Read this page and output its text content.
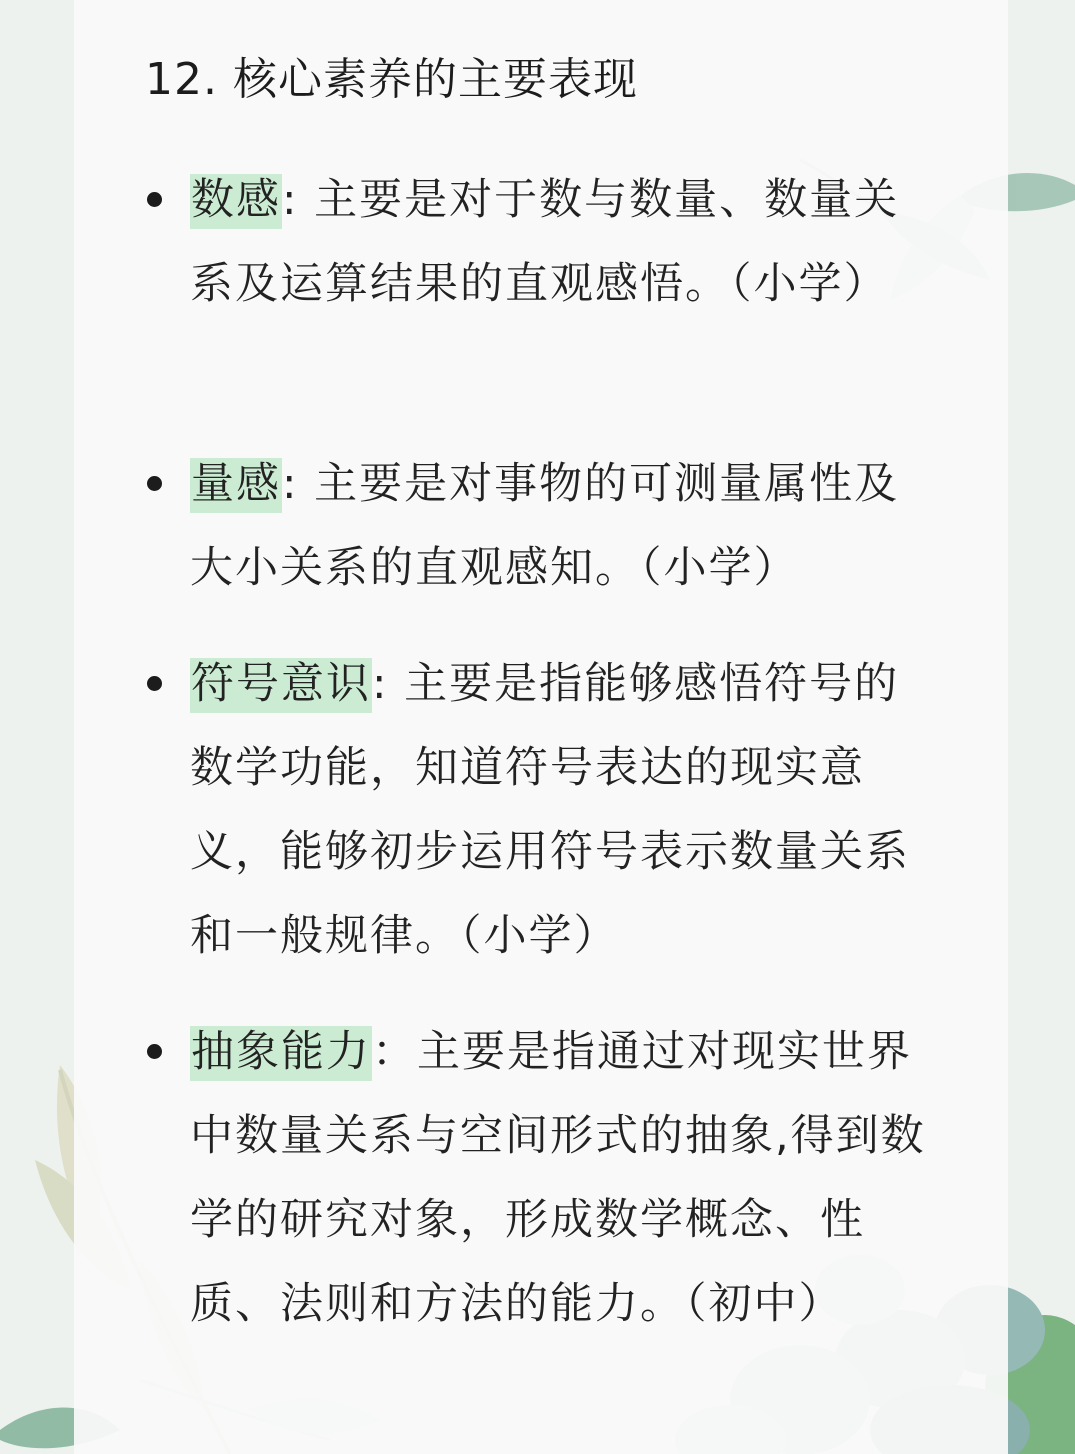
12. 核心素养的主要表现
数感: 主要是对于数与数量、数量关系及运算结果的直观感悟。（小学）
量感: 主要是对事物的可测量属性及大小关系的直观感知。（小学）
符号意识: 主要是指能够感悟符号的数学功能，知道符号表达的现实意义，能够初步运用符号表示数量关系和一般规律。（小学）
抽象能力：主要是指通过对现实世界中数量关系与空间形式的抽象,得到数学的研究对象，形成数学概念、性质、法则和方法的能力。（初中）
